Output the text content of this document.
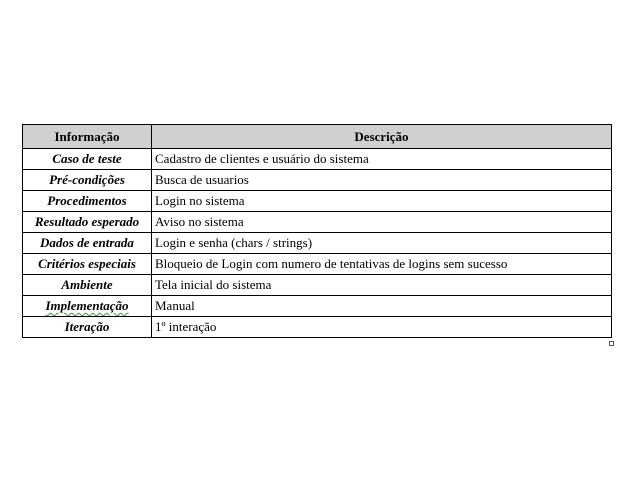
Informação	Descrição
Caso de teste	Cadastro de clientes e usuário do sistema
Pré-condições	Busca de usuarios
Procedimentos	Login no sistema
Resultado esperado	Aviso no sistema
Dados de entrada	Login e senha (chars / strings)
Critérios especiais	Bloqueio de Login com numero de tentativas de logins sem sucesso
Ambiente	Tela inicial do sistema
Implementação	Manual
Iteração	1º interação
